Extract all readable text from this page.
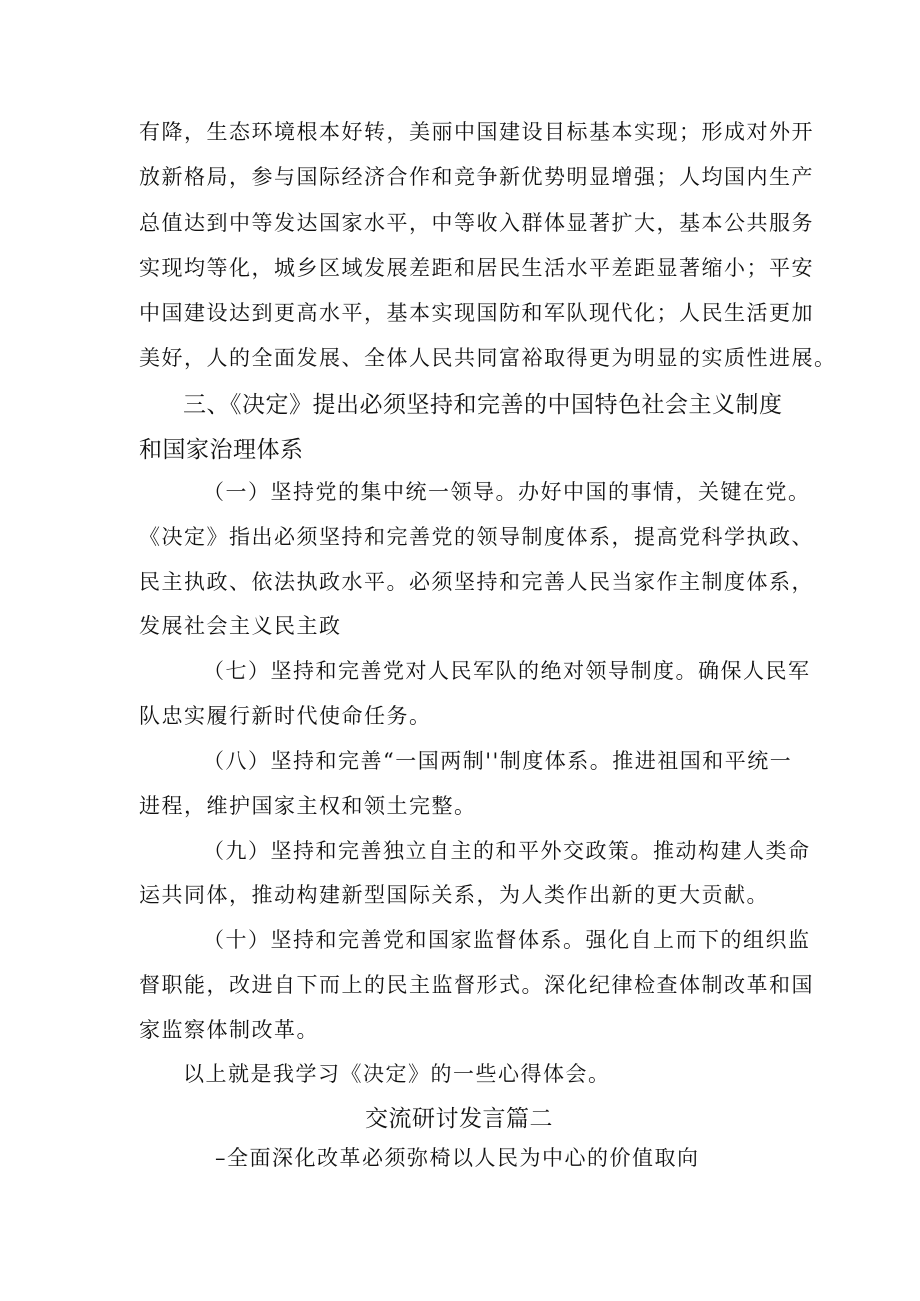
有降，生态环境根本好转，美丽中国建设目标基本实现；形成对外开

放新格局，参与国际经济合作和竞争新优势明显增强；人均国内生产

总值达到中等发达国家水平，中等收入群体显著扩大，基本公共服务

实现均等化，城乡区域发展差距和居民生活水平差距显著缩小；平安

中国建设达到更高水平，基本实现国防和军队现代化；人民生活更加

美好，人的全面发展、全体人民共同富裕取得更为明显的实质性进展。

三、《决定》提出必须坚持和完善的中国特色社会主义制度

和国家治理体系

（一）坚持党的集中统一领导。办好中国的事情，关键在党。

《决定》指出必须坚持和完善党的领导制度体系，提高党科学执政、

民主执政、依法执政水平。必须坚持和完善人民当家作主制度体系，

发展社会主义民主政

（七）坚持和完善党对人民军队的绝对领导制度。确保人民军

队忠实履行新时代使命任务。

（八）坚持和完善“一国两制''制度体系。推进祖国和平统一

进程，维护国家主权和领土完整。

（九）坚持和完善独立自主的和平外交政策。推动构建人类命

运共同体，推动构建新型国际关系，为人类作出新的更大贡献。

（十）坚持和完善党和国家监督体系。强化自上而下的组织监

督职能，改进自下而上的民主监督形式。深化纪律检查体制改革和国

家监察体制改革。

以上就是我学习《决定》的一些心得体会。

交流研讨发言篇二

–全面深化改革必须弥椅以人民为中心的价值取向
